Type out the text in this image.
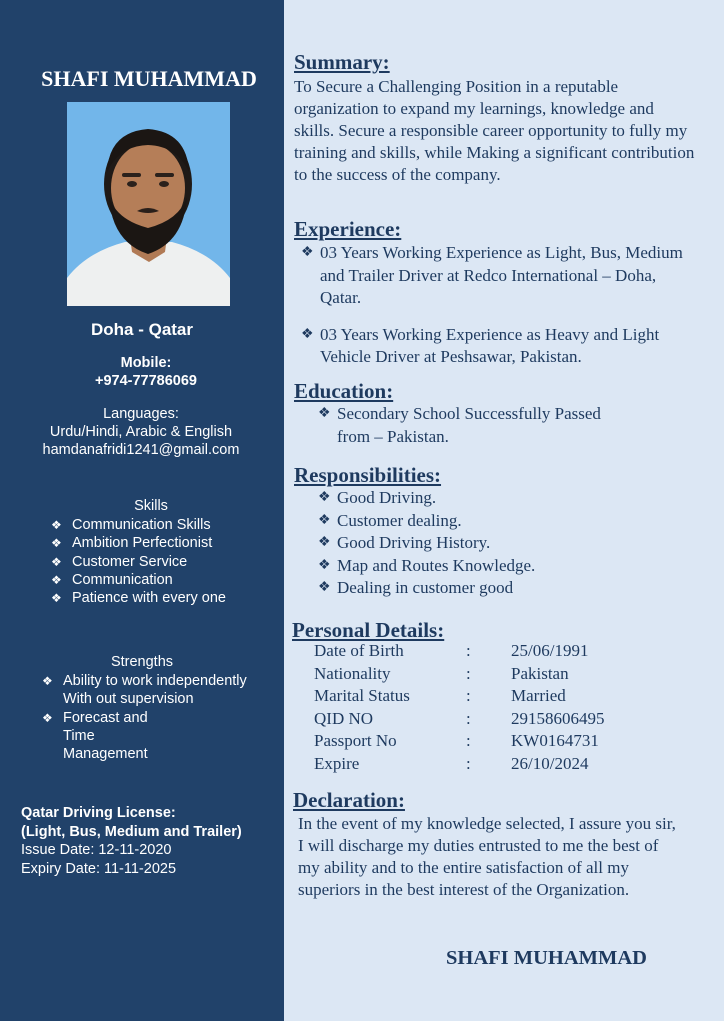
SHAFI MUHAMMAD
Doha - Qatar
Mobile:
+974-77786069
Languages:
Urdu/Hindi, Arabic & English
hamdanafridi1241@gmail.com
Skills
❖ Communication Skills
❖ Ambition Perfectionist
❖ Customer Service
❖ Communication
❖ Patience with every one
Strengths
❖ Ability to work independently With out supervision
❖ Forecast and Time Management
Qatar Driving License:
(Light, Bus, Medium and Trailer)
Issue Date: 12-11-2020
Expiry Date: 11-11-2025
Summary:
To Secure a Challenging Position in a reputable organization to expand my learnings, knowledge and skills. Secure a responsible career opportunity to fully my training and skills, while Making a significant contribution to the success of the company.
Experience:
❖ 03 Years Working Experience as Light, Bus, Medium and Trailer Driver at Redco International – Doha, Qatar.
❖ 03 Years Working Experience as Heavy and Light Vehicle Driver at Peshsawar, Pakistan.
Education:
❖ Secondary School Successfully Passed from – Pakistan.
Responsibilities:
❖ Good Driving.
❖ Customer dealing.
❖ Good Driving History.
❖ Map and Routes Knowledge.
❖ Dealing in customer good
Personal Details:
Date of Birth	:	25/06/1991
Nationality	:	Pakistan
Marital Status	:	Married
QID NO	:	29158606495
Passport No	:	KW0164731
Expire	:	26/10/2024
Declaration:
In the event of my knowledge selected, I assure you sir, I will discharge my duties entrusted to me the best of my ability and to the entire satisfaction of all my superiors in the best interest of the Organization.
SHAFI MUHAMMAD
